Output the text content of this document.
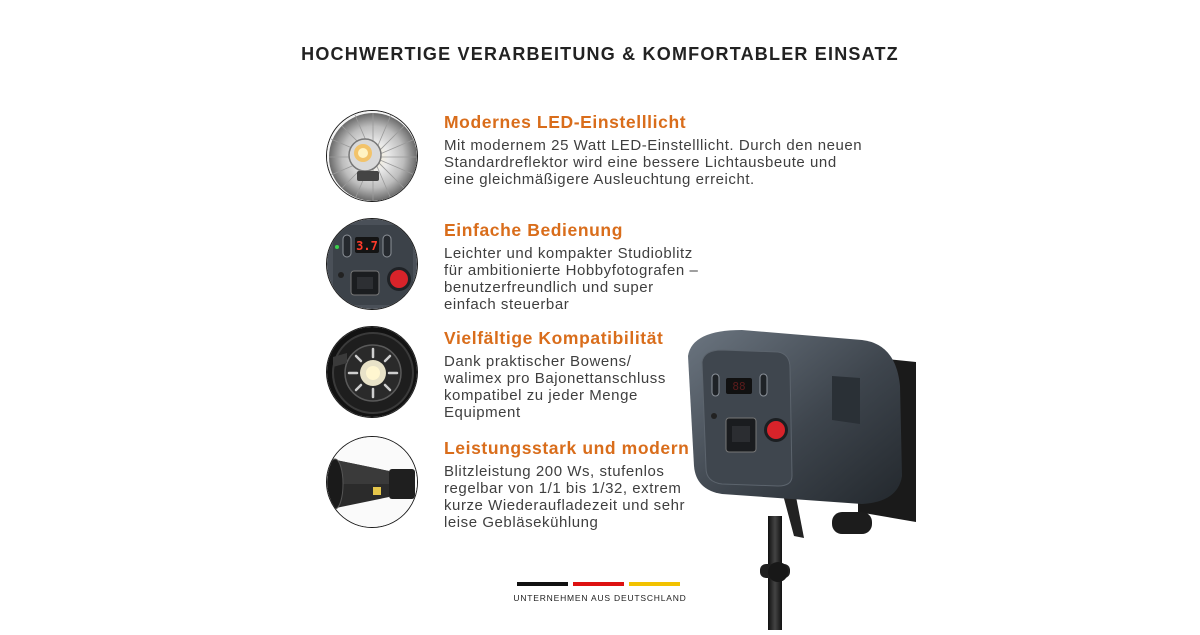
HOCHWERTIGE VERARBEITUNG & KOMFORTABLER EINSATZ
Modernes LED-Einstelllicht
Mit modernem 25 Watt LED-Einstelllicht. Durch den neuen
Standardreflektor wird eine bessere Lichtausbeute und
eine gleichmäßigere Ausleuchtung erreicht.
3.7
Einfache Bedienung
Leichter und kompakter Studioblitz
für ambitionierte Hobbyfotografen –
benutzerfreundlich und super
einfach steuerbar
Vielfältige Kompatibilität
Dank praktischer Bowens/
walimex pro Bajonettanschluss
kompatibel zu jeder Menge
Equipment
Leistungsstark und modern
Blitzleistung 200 Ws, stufenlos
regelbar von 1/1 bis 1/32, extrem
kurze Wiederaufladezeit und sehr
leise Gebläsekühlung
88
UNTERNEHMEN AUS DEUTSCHLAND
